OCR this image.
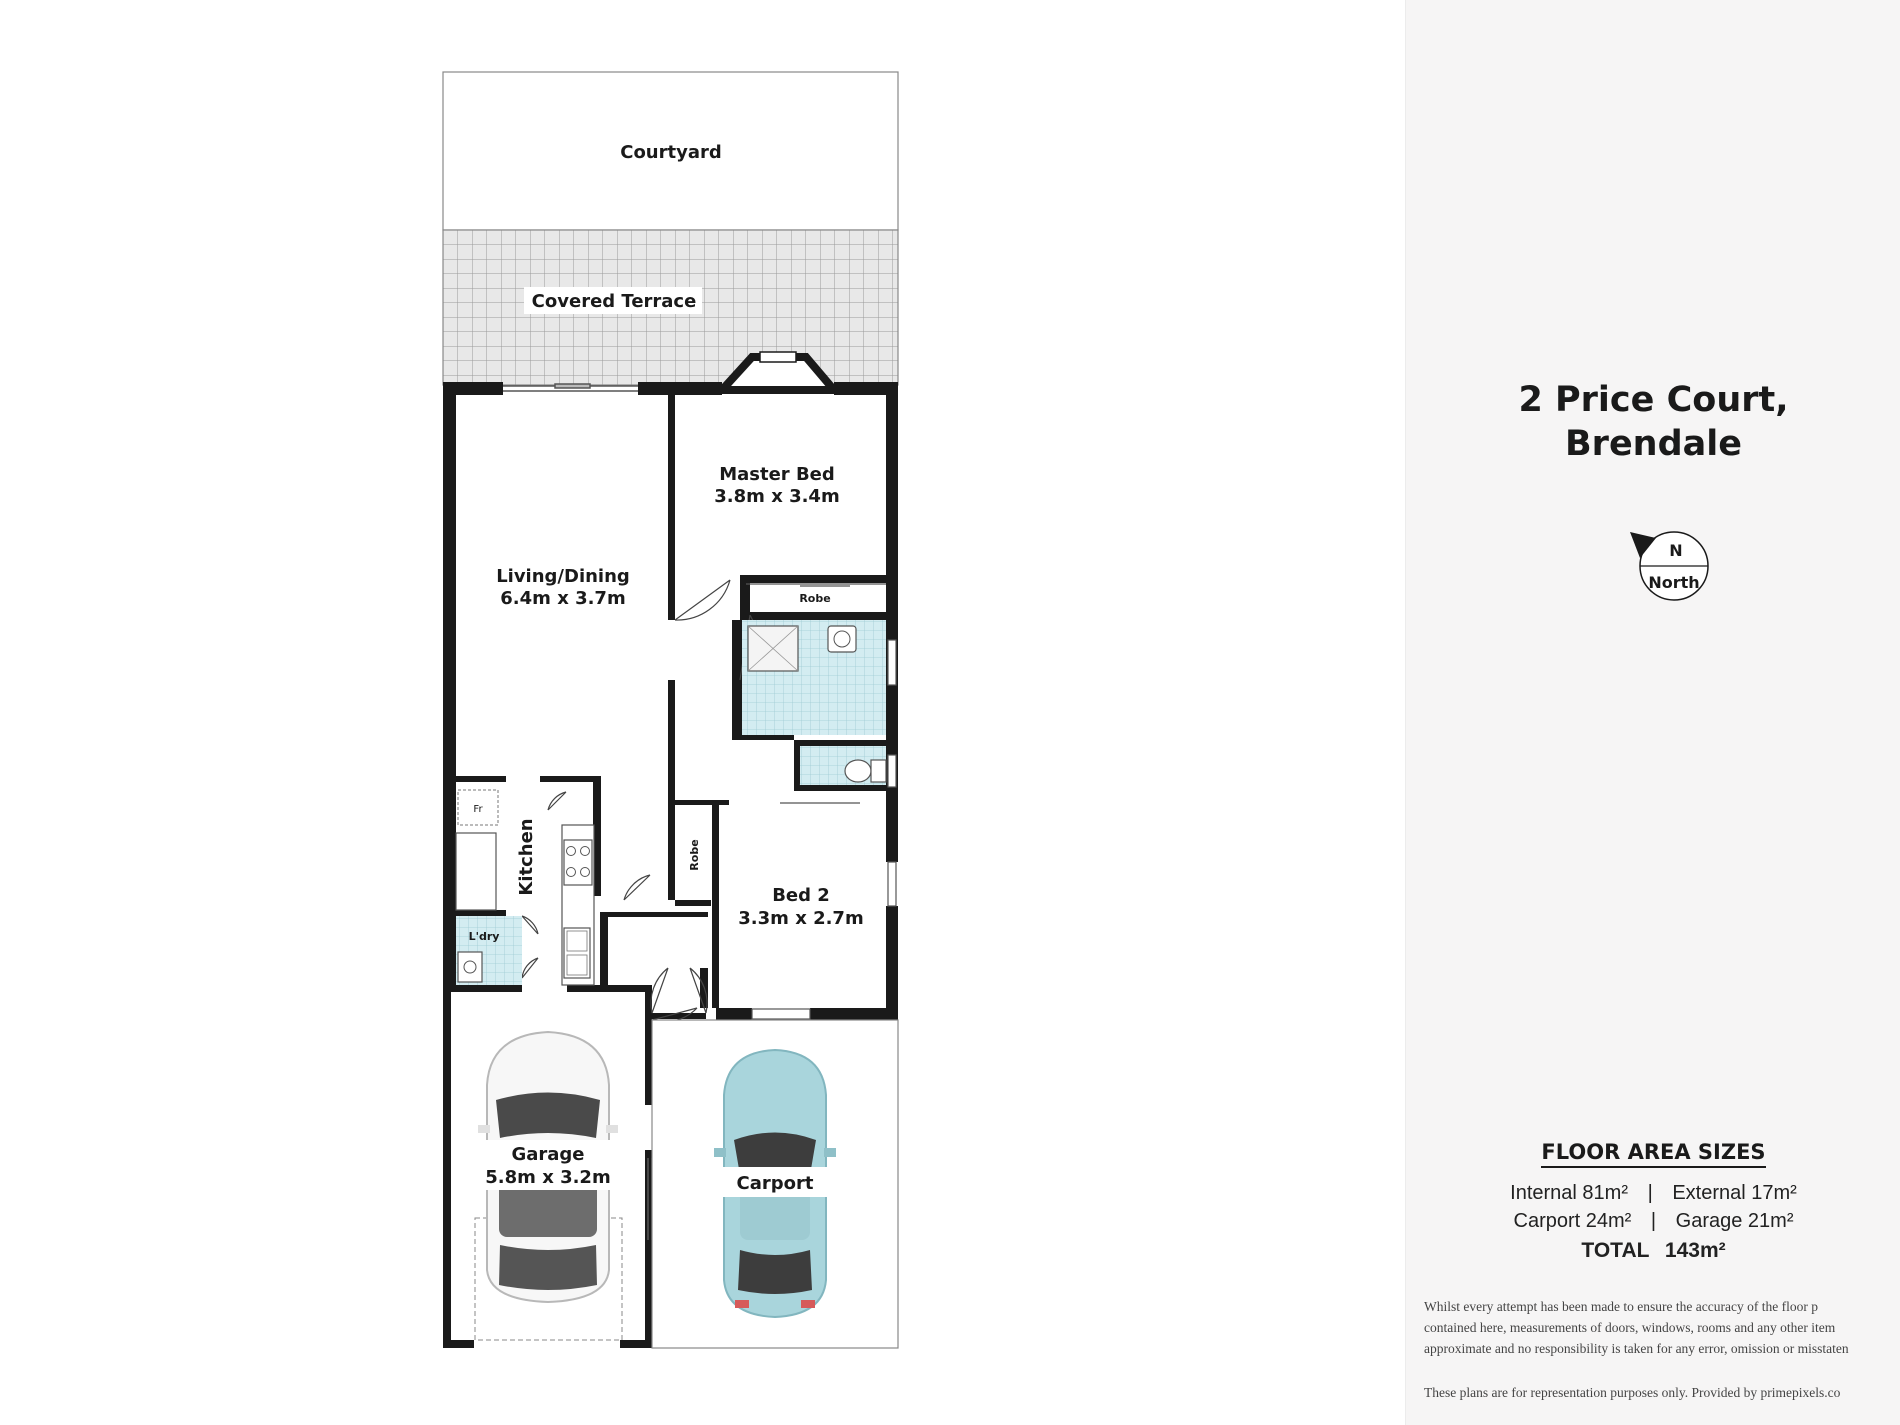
Courtyard
Covered Terrace
Fr
Garage
5.8m x 3.2m	Carport
Master Bed
3.8m x 3.4m
Living/Dining
6.4m x 3.7m	Robe
Robe
Bed 2
3.3m x 2.7m
Kitchen
L'dry
2 Price Court,
Brendale
N
North
FLOOR AREA SIZES
Internal 81m² | External 17m²
Carport 24m² | Garage 21m²
TOTAL 143m²
Whilst every attempt has been made to ensure the accuracy of the floor p
contained here, measurements of doors, windows, rooms and any other item
approximate and no responsibility is taken for any error, omission or misstaten
These plans are for representation purposes only. Provided by primepixels.co
